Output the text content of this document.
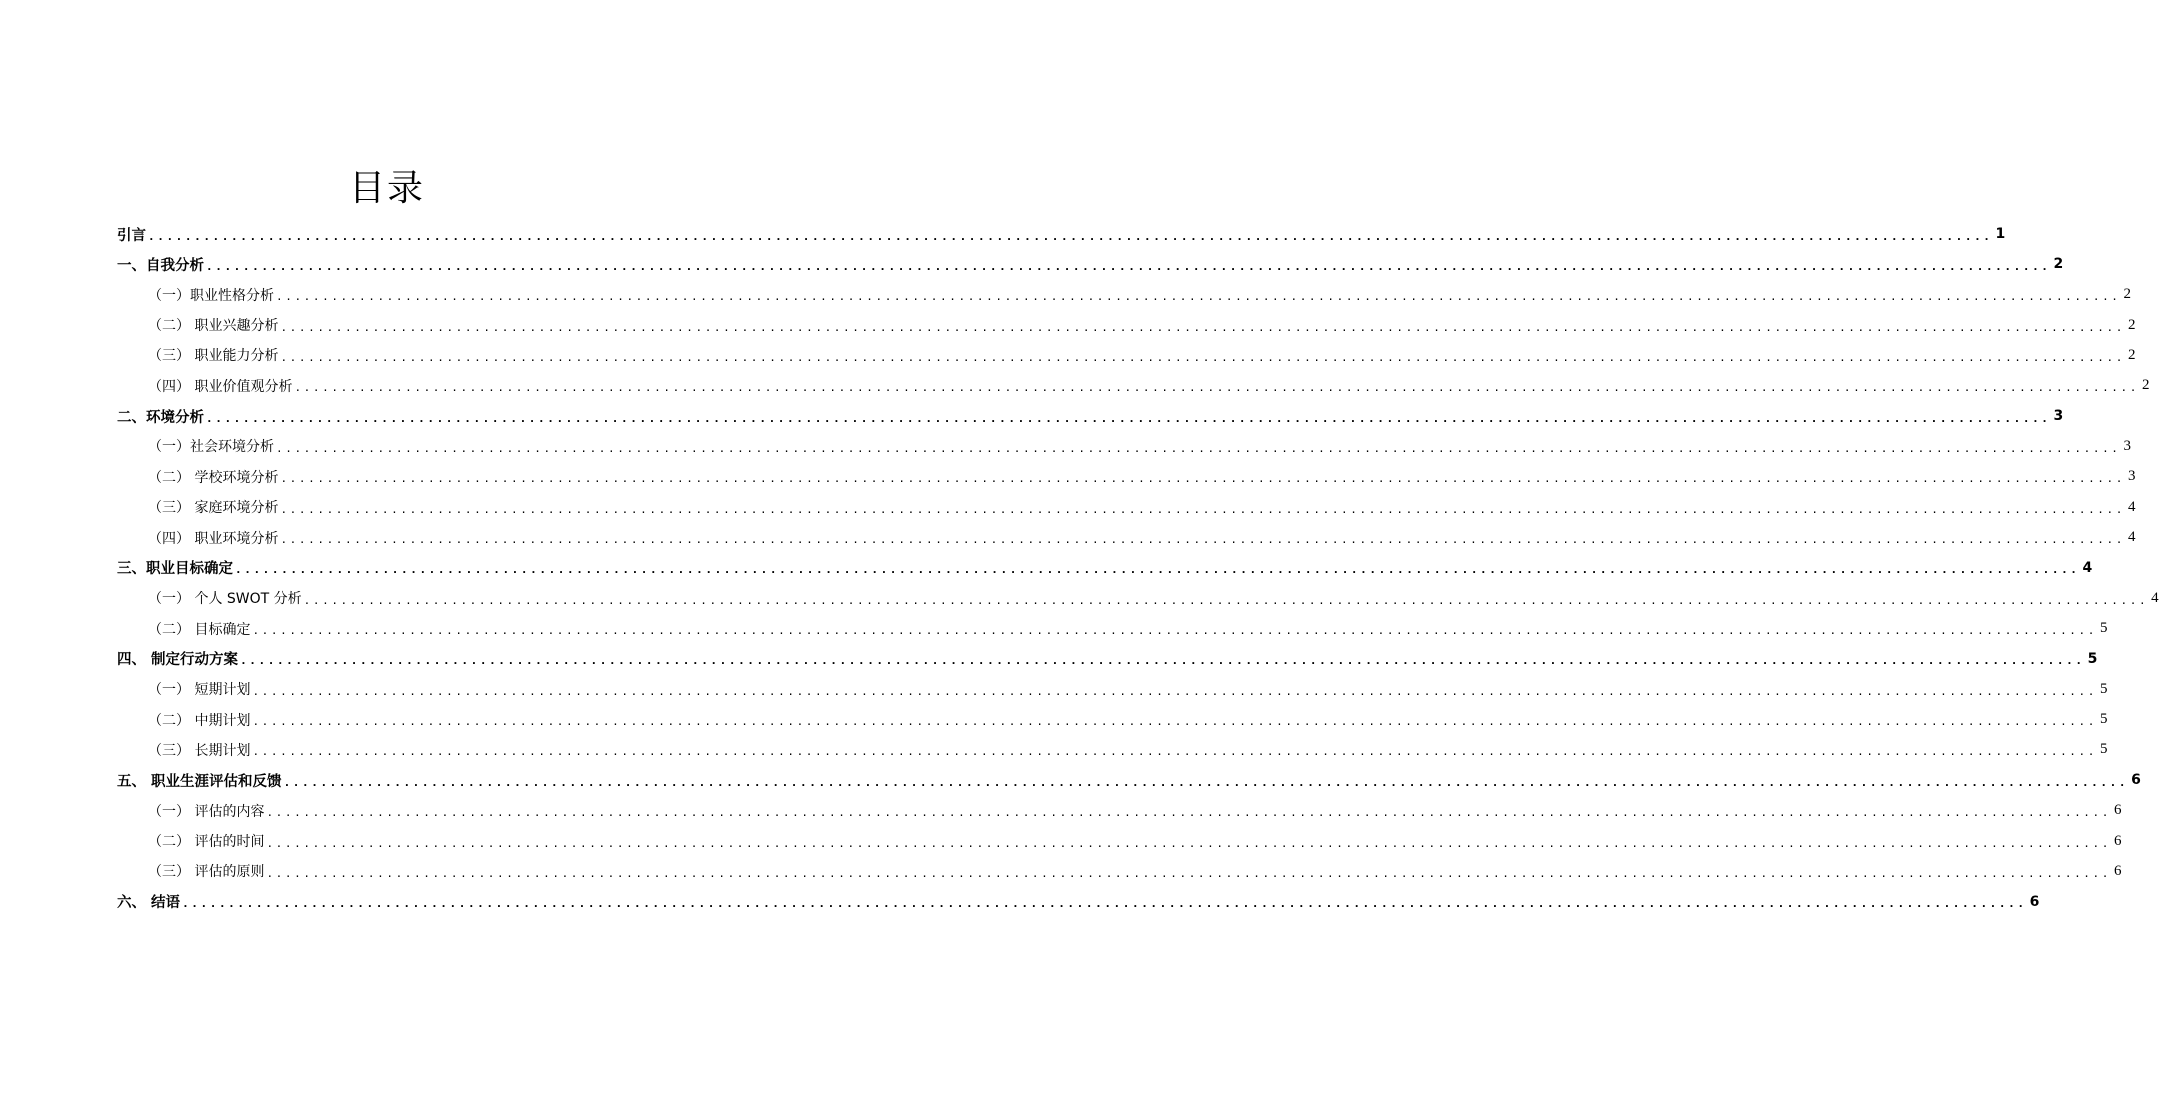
目录
引言 ........................................................................................................................................................................................................ 1
一、自我分析 ........................................................................................................................................................................................................ 2
（一）职业性格分析 ........................................................................................................................................................................................................ 2
（二） 职业兴趣分析 ........................................................................................................................................................................................................ 2
（三） 职业能力分析 ........................................................................................................................................................................................................ 2
（四） 职业价值观分析 ........................................................................................................................................................................................................ 2
二、环境分析 ........................................................................................................................................................................................................ 3
（一）社会环境分析 ........................................................................................................................................................................................................ 3
（二） 学校环境分析 ........................................................................................................................................................................................................ 3
（三） 家庭环境分析 ........................................................................................................................................................................................................ 4
（四） 职业环境分析 ........................................................................................................................................................................................................ 4
三、职业目标确定 ........................................................................................................................................................................................................ 4
（一） 个人 SWOT 分析 ........................................................................................................................................................................................................ 4
（二） 目标确定 ........................................................................................................................................................................................................ 5
四、 制定行动方案 ........................................................................................................................................................................................................ 5
（一） 短期计划 ........................................................................................................................................................................................................ 5
（二） 中期计划 ........................................................................................................................................................................................................ 5
（三） 长期计划 ........................................................................................................................................................................................................ 5
五、 职业生涯评估和反馈 ........................................................................................................................................................................................................ 6
（一） 评估的内容 ........................................................................................................................................................................................................ 6
（二） 评估的时间 ........................................................................................................................................................................................................ 6
（三） 评估的原则 ........................................................................................................................................................................................................ 6
六、 结语 ........................................................................................................................................................................................................ 6
